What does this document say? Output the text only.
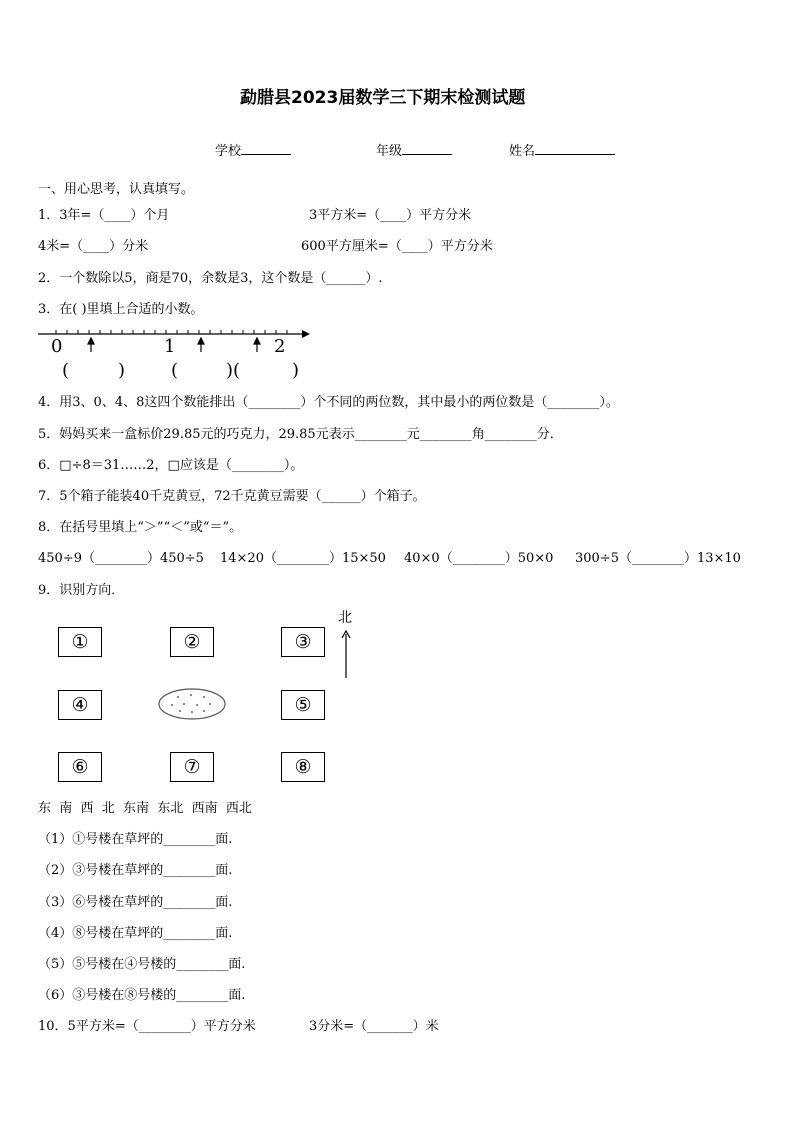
勐腊县2023届数学三下期末检测试题
学校	年级	姓名
一、用心思考，认真填写。
1．3年=（____）个月	3平方米=（____）平方分米
4米=（____）分米	600平方厘米=（____）平方分米
2．一个数除以5，商是70，余数是3，这个数是（______）.
3．在( )里填上合适的小数。
0	1	2
(	)	(	)(	)
4．用3、0、4、8这四个数能排出（________）个不同的两位数，其中最小的两位数是（________）。
5．妈妈买来一盒标价29.85元的巧克力，29.85元表示________元________角________分．
6．□÷8＝31……2，□应该是（________）。
7．5个箱子能装40千克黄豆，72千克黄豆需要（______）个箱子。
8．在括号里填上“＞”“＜”或“＝”。
450÷9（________）450÷5 14×20（________）15×50 40×0（________）50×0 300÷5（________）13×10
9．识别方向．
①	②	③
④	⑤
⑥	⑦	⑧
北
东  南  西  北  东南  东北  西南  西北
（1）①号楼在草坪的________面.
（2）③号楼在草坪的________面.
（3）⑥号楼在草坪的________面.
（4）⑧号楼在草坪的________面.
（5）⑤号楼在④号楼的________面.
（6）③号楼在⑧号楼的________面.
10．5平方米=（________）平方分米	3分米=（_______）米
